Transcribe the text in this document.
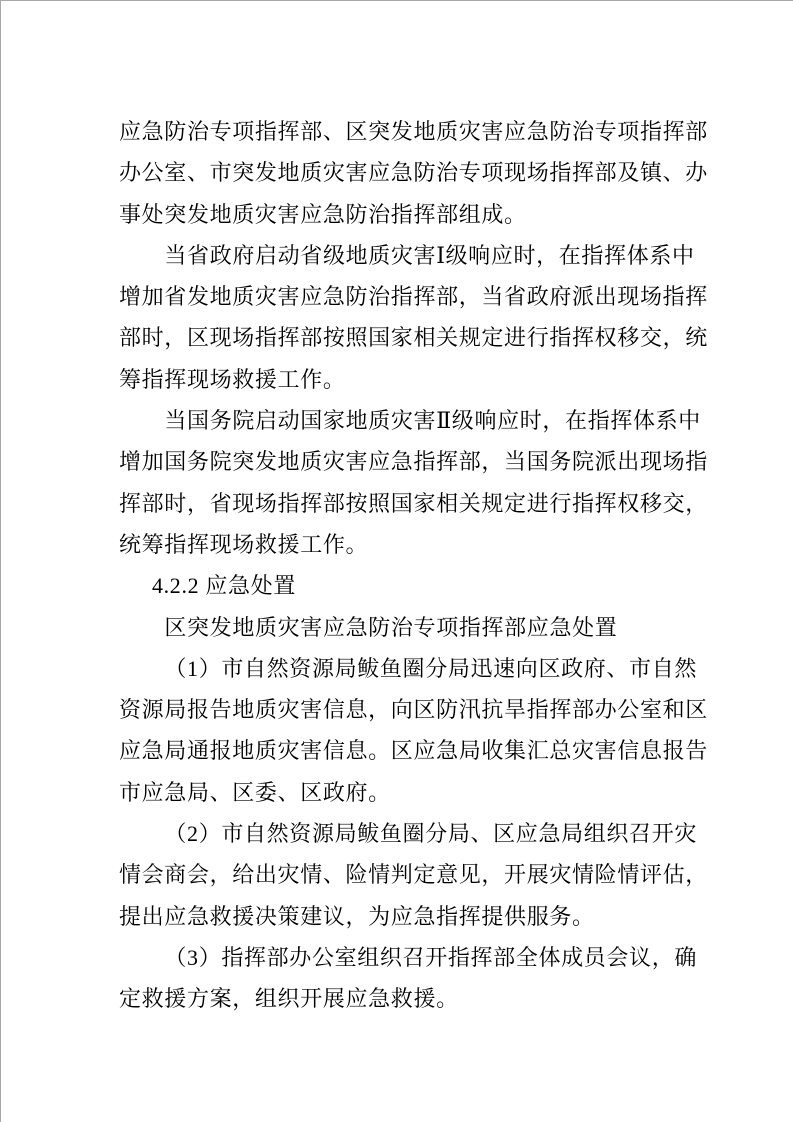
应急防治专项指挥部、区突发地质灾害应急防治专项指挥部
办公室、市突发地质灾害应急防治专项现场指挥部及镇、办
事处突发地质灾害应急防治指挥部组成。
当省政府启动省级地质灾害Ⅰ级响应时，在指挥体系中
增加省发地质灾害应急防治指挥部，当省政府派出现场指挥
部时，区现场指挥部按照国家相关规定进行指挥权移交，统
筹指挥现场救援工作。
当国务院启动国家地质灾害Ⅱ级响应时，在指挥体系中
增加国务院突发地质灾害应急指挥部，当国务院派出现场指
挥部时，省现场指挥部按照国家相关规定进行指挥权移交，
统筹指挥现场救援工作。
4.2.2 应急处置
区突发地质灾害应急防治专项指挥部应急处置
（1）市自然资源局鲅鱼圈分局迅速向区政府、市自然
资源局报告地质灾害信息，向区防汛抗旱指挥部办公室和区
应急局通报地质灾害信息。区应急局收集汇总灾害信息报告
市应急局、区委、区政府。
（2）市自然资源局鲅鱼圈分局、区应急局组织召开灾
情会商会，给出灾情、险情判定意见，开展灾情险情评估，
提出应急救援决策建议，为应急指挥提供服务。
（3）指挥部办公室组织召开指挥部全体成员会议，确
定救援方案，组织开展应急救援。
